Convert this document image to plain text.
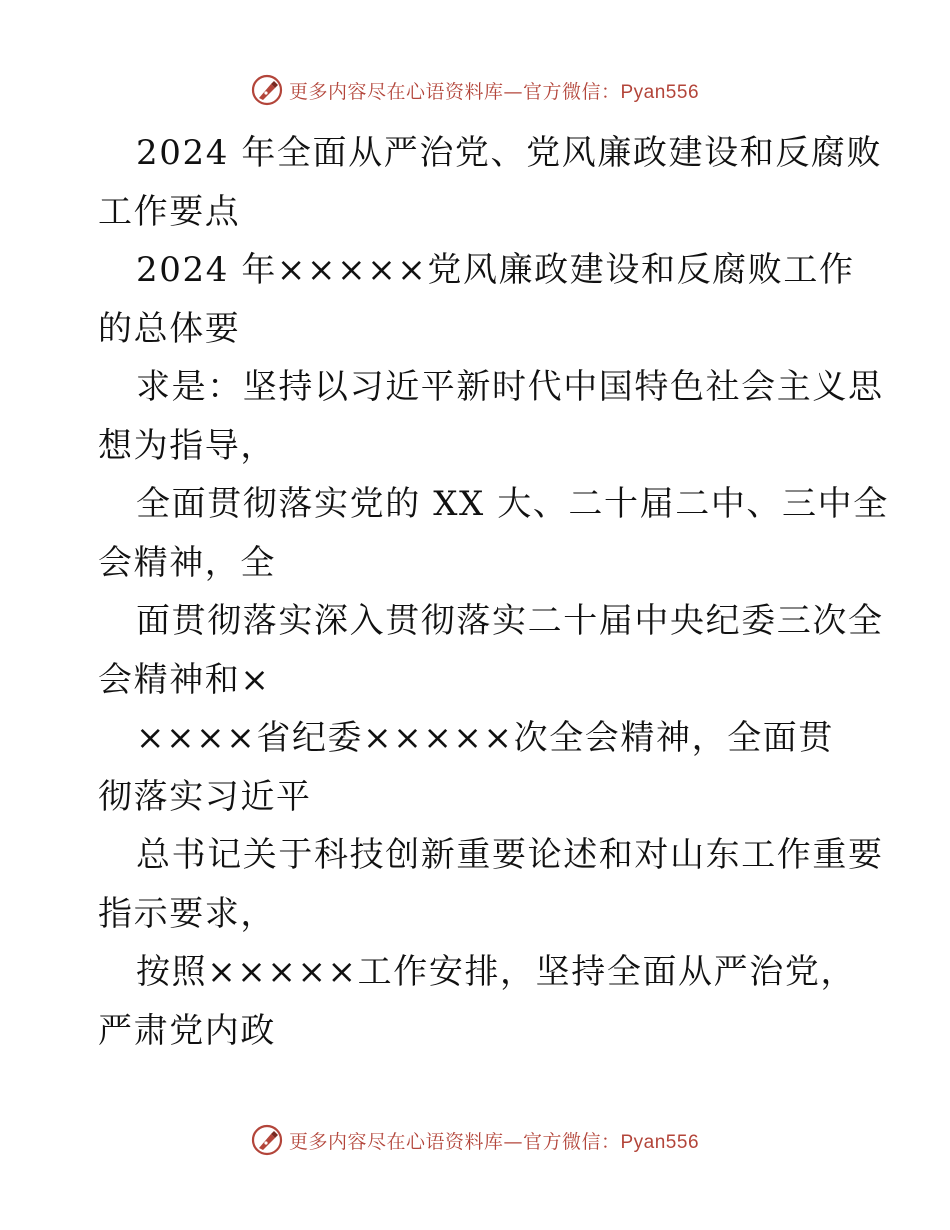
更多内容尽在心语资料库—官方微信：Pyan556
2024 年全面从严治党、党风廉政建设和反腐败
工作要点
2024 年×××××党风廉政建设和反腐败工作
的总体要
求是：坚持以习近平新时代中国特色社会主义思
想为指导，
全面贯彻落实党的 XX 大、二十届二中、三中全
会精神，全
面贯彻落实深入贯彻落实二十届中央纪委三次全
会精神和×
××××省纪委×××××次全会精神，全面贯
彻落实习近平
总书记关于科技创新重要论述和对山东工作重要
指示要求，
按照×××××工作安排，坚持全面从严治党，
严肃党内政
更多内容尽在心语资料库—官方微信：Pyan556
